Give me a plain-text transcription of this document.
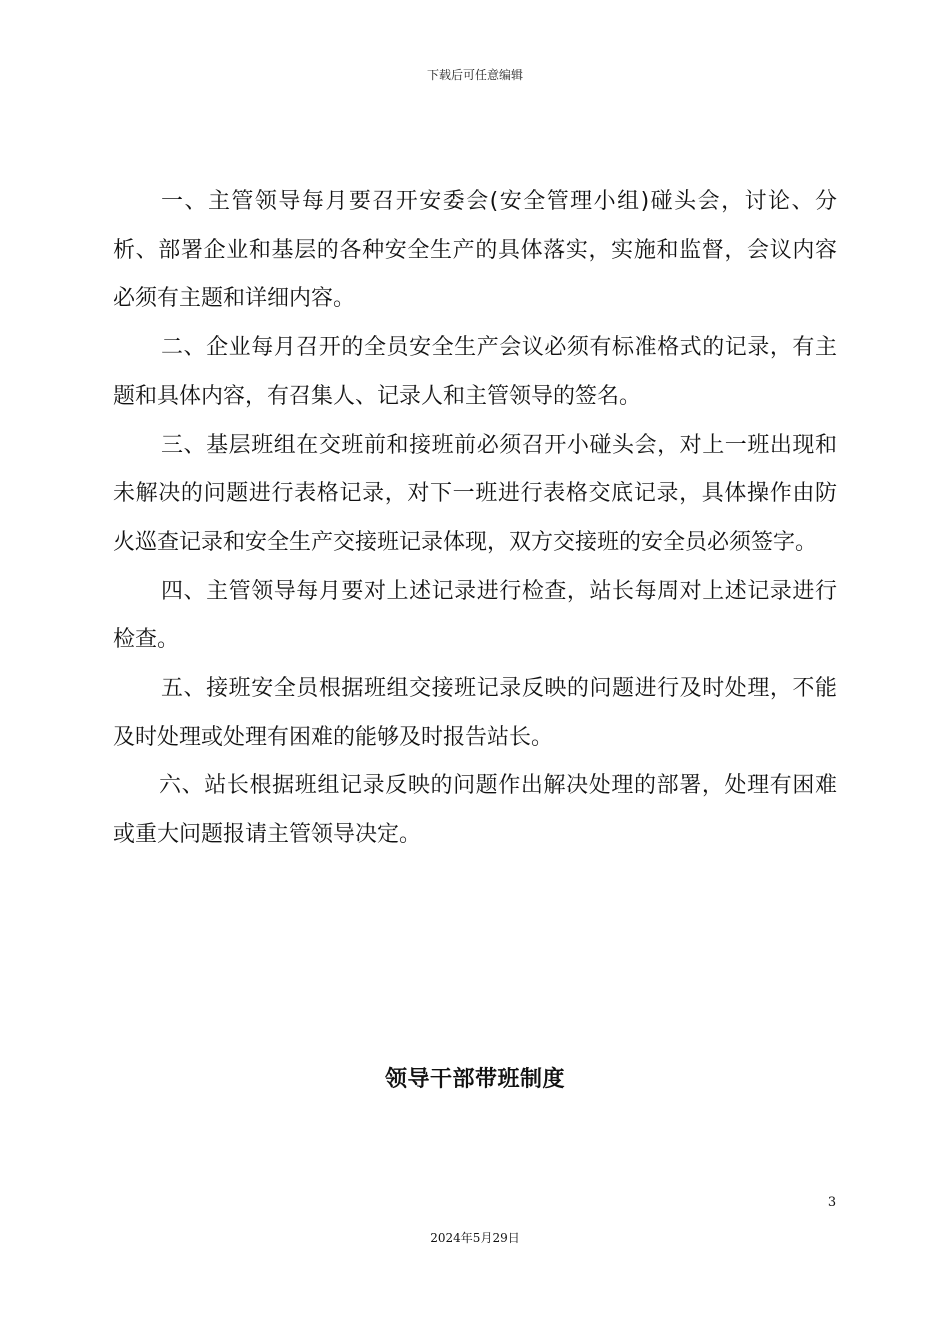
下载后可任意编辑

一、主管领导每月要召开安委会(安全管理小组)碰头会，讨论、分析、部署企业和基层的各种安全生产的具体落实，实施和监督，会议内容必须有主题和详细内容。

二、企业每月召开的全员安全生产会议必须有标准格式的记录，有主题和具体内容，有召集人、记录人和主管领导的签名。

三、基层班组在交班前和接班前必须召开小碰头会，对上一班出现和未解决的问题进行表格记录，对下一班进行表格交底记录，具体操作由防火巡查记录和安全生产交接班记录体现，双方交接班的安全员必须签字。

四、主管领导每月要对上述记录进行检查，站长每周对上述记录进行检查。

五、接班安全员根据班组交接班记录反映的问题进行及时处理，不能及时处理或处理有困难的能够及时报告站长。

六、站长根据班组记录反映的问题作出解决处理的部署，处理有困难或重大问题报请主管领导决定。

领导干部带班制度
3
2024年5月29日
